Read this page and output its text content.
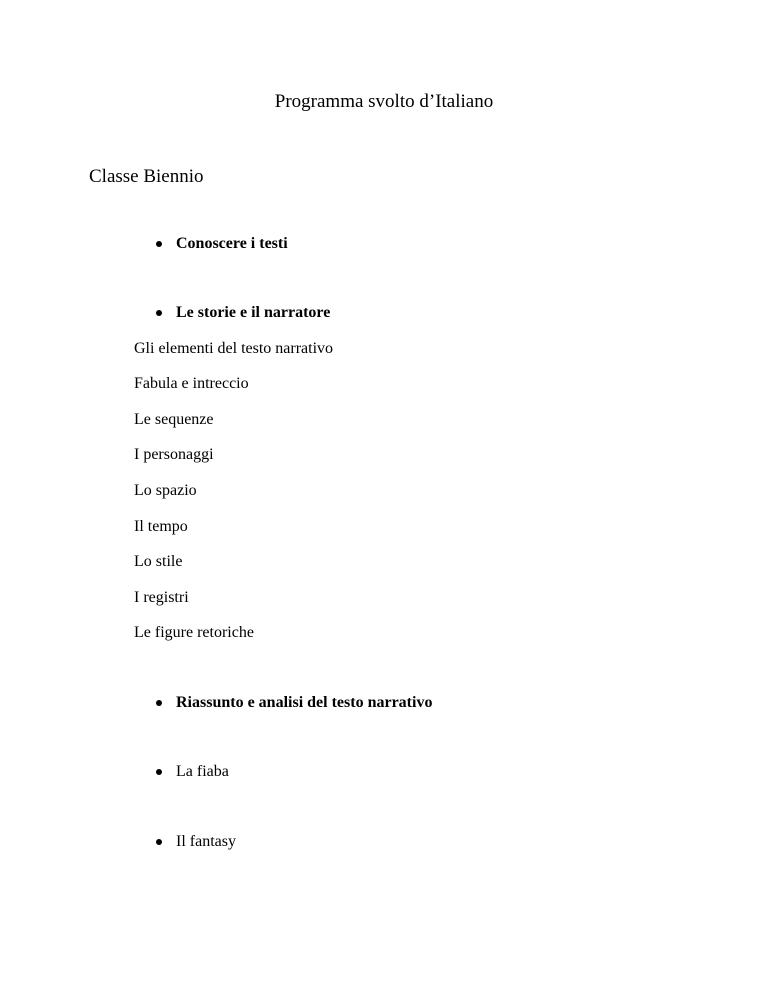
Programma svolto d’Italiano
Classe Biennio
Conoscere i testi
Le storie e il narratore
Gli elementi del testo narrativo
Fabula e intreccio
Le sequenze
I personaggi
Lo spazio
Il tempo
Lo stile
I registri
Le figure retoriche
Riassunto e analisi del testo narrativo
La fiaba
Il fantasy
